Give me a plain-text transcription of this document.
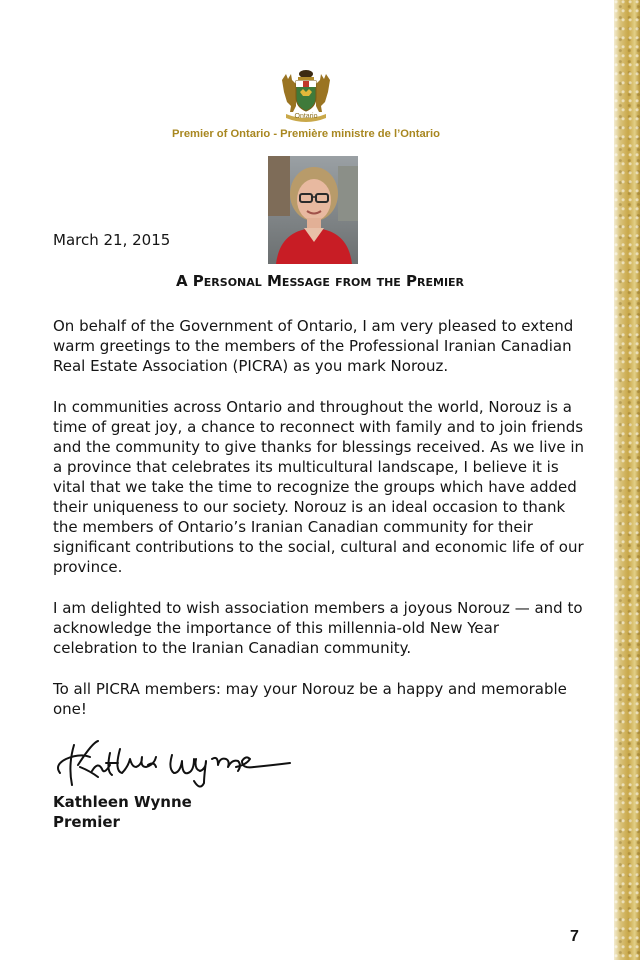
Ontario
Premier of Ontario - Première ministre de l’Ontario
March 21, 2015
A Personal Message from the Premier

On behalf of the Government of Ontario, I am very pleased to extend warm greetings to the members of the Professional Iranian Canadian Real Estate Association (PICRA) as you mark Norouz.

In communities across Ontario and throughout the world, Norouz is a time of great joy, a chance to reconnect with family and to join friends and the community to give thanks for blessings received. As we live in a province that celebrates its multicultural landscape, I believe it is vital that we take the time to recognize the groups which have added their uniqueness to our society. Norouz is an ideal occasion to thank the members of Ontario’s Iranian Canadian community for their significant contributions to the social, cultural and economic life of our province.

I am delighted to wish association members a joyous Norouz — and to acknowledge the importance of this millennia-old New Year celebration to the Iranian Canadian community.

To all PICRA members: may your Norouz be a happy and memorable one!

Kathleen Wynne
Premier
7
